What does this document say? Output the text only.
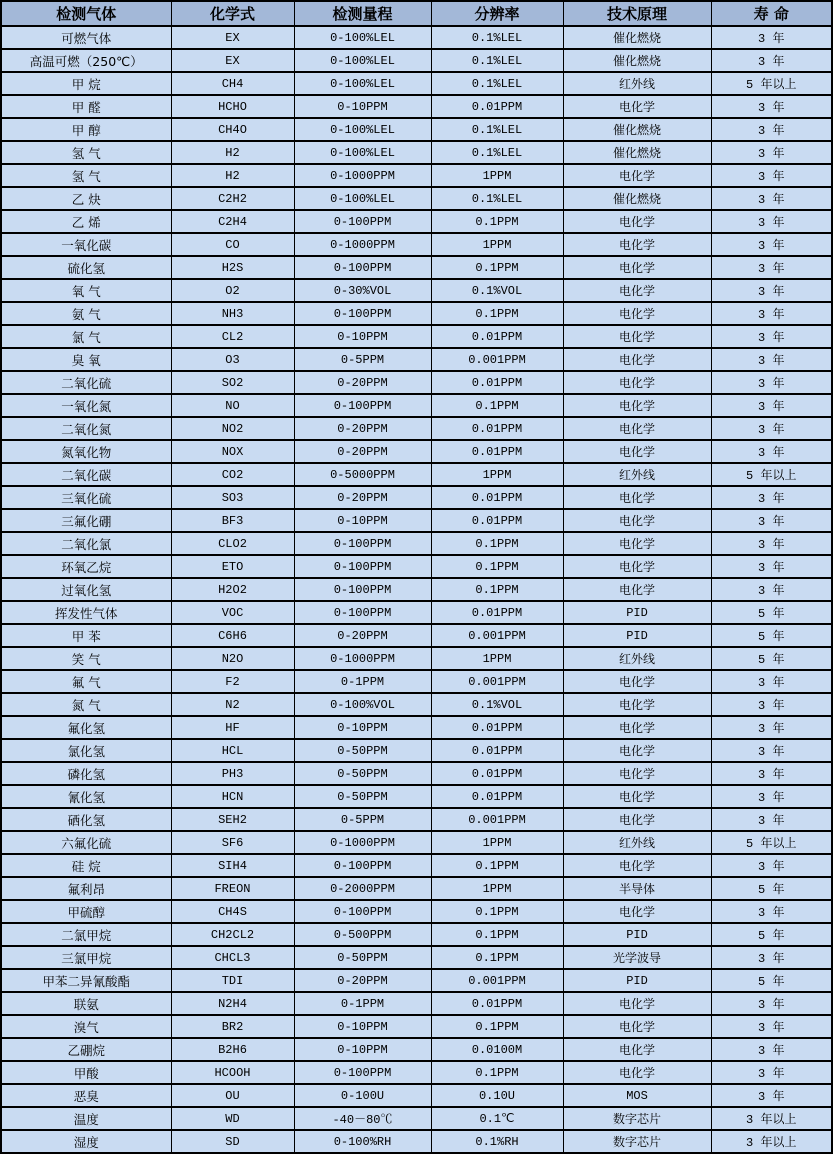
检测气体	化学式	检测量程	分辨率	技术原理	寿 命
可燃气体	EX	0-100%LEL	0.1%LEL	催化燃烧	3 年
高温可燃（250℃）	EX	0-100%LEL	0.1%LEL	催化燃烧	3 年
甲 烷	CH4	0-100%LEL	0.1%LEL	红外线	5 年以上
甲 醛	HCHO	0-10PPM	0.01PPM	电化学	3 年
甲 醇	CH4O	0-100%LEL	0.1%LEL	催化燃烧	3 年
氢 气	H2	0-100%LEL	0.1%LEL	催化燃烧	3 年
氢 气	H2	0-1000PPM	1PPM	电化学	3 年
乙 炔	C2H2	0-100%LEL	0.1%LEL	催化燃烧	3 年
乙 烯	C2H4	0-100PPM	0.1PPM	电化学	3 年
一氧化碳	CO	0-1000PPM	1PPM	电化学	3 年
硫化氢	H2S	0-100PPM	0.1PPM	电化学	3 年
氧 气	O2	0-30%VOL	0.1%VOL	电化学	3 年
氨 气	NH3	0-100PPM	0.1PPM	电化学	3 年
氯 气	CL2	0-10PPM	0.01PPM	电化学	3 年
臭 氧	O3	0-5PPM	0.001PPM	电化学	3 年
二氧化硫	SO2	0-20PPM	0.01PPM	电化学	3 年
一氧化氮	NO	0-100PPM	0.1PPM	电化学	3 年
二氧化氮	NO2	0-20PPM	0.01PPM	电化学	3 年
氮氧化物	NOX	0-20PPM	0.01PPM	电化学	3 年
二氧化碳	CO2	0-5000PPM	1PPM	红外线	5 年以上
三氧化硫	SO3	0-20PPM	0.01PPM	电化学	3 年
三氟化硼	BF3	0-10PPM	0.01PPM	电化学	3 年
二氧化氯	CLO2	0-100PPM	0.1PPM	电化学	3 年
环氧乙烷	ETO	0-100PPM	0.1PPM	电化学	3 年
过氧化氢	H2O2	0-100PPM	0.1PPM	电化学	3 年
挥发性气体	VOC	0-100PPM	0.01PPM	PID	5 年
甲 苯	C6H6	0-20PPM	0.001PPM	PID	5 年
笑 气	N2O	0-1000PPM	1PPM	红外线	5 年
氟 气	F2	0-1PPM	0.001PPM	电化学	3 年
氮 气	N2	0-100%VOL	0.1%VOL	电化学	3 年
氟化氢	HF	0-10PPM	0.01PPM	电化学	3 年
氯化氢	HCL	0-50PPM	0.01PPM	电化学	3 年
磷化氢	PH3	0-50PPM	0.01PPM	电化学	3 年
氰化氢	HCN	0-50PPM	0.01PPM	电化学	3 年
硒化氢	SEH2	0-5PPM	0.001PPM	电化学	3 年
六氟化硫	SF6	0-1000PPM	1PPM	红外线	5 年以上
硅 烷	SIH4	0-100PPM	0.1PPM	电化学	3 年
氟利昂	FREON	0-2000PPM	1PPM	半导体	5 年
甲硫醇	CH4S	0-100PPM	0.1PPM	电化学	3 年
二氯甲烷	CH2CL2	0-500PPM	0.1PPM	PID	5 年
三氯甲烷	CHCL3	0-50PPM	0.1PPM	光学波导	3 年
甲苯二异氰酸酯	TDI	0-20PPM	0.001PPM	PID	5 年
联氨	N2H4	0-1PPM	0.01PPM	电化学	3 年
溴气	BR2	0-10PPM	0.1PPM	电化学	3 年
乙硼烷	B2H6	0-10PPM	0.0100M	电化学	3 年
甲酸	HCOOH	0-100PPM	0.1PPM	电化学	3 年
恶臭	OU	0-100U	0.10U	MOS	3 年
温度	WD	-40－80℃	0.1℃	数字芯片	3 年以上
湿度	SD	0-100%RH	0.1%RH	数字芯片	3 年以上
